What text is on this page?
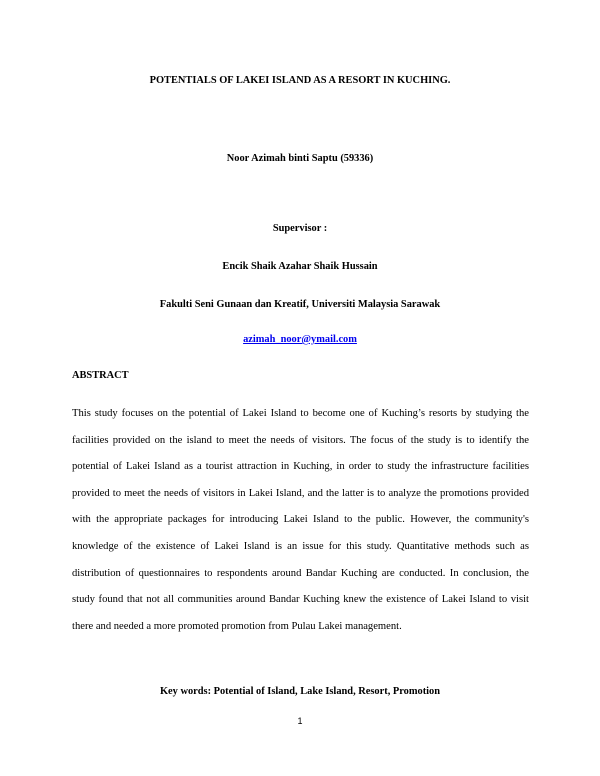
POTENTIALS OF LAKEI ISLAND AS A RESORT IN KUCHING.
Noor Azimah binti Saptu (59336)
Supervisor :
Encik Shaik Azahar Shaik Hussain
Fakulti Seni Gunaan dan Kreatif, Universiti Malaysia Sarawak
azimah_noor@ymail.com
ABSTRACT

This study focuses on the potential of Lakei Island to become one of Kuching’s resorts by studying the facilities provided on the island to meet the needs of visitors. The focus of the study is to identify the potential of Lakei Island as a tourist attraction in Kuching, in order to study the infrastructure facilities provided to meet the needs of visitors in Lakei Island, and the latter is to analyze the promotions provided with the appropriate packages for introducing Lakei Island to the public. However, the community's knowledge of the existence of Lakei Island is an issue for this study. Quantitative methods such as distribution of questionnaires to respondents around Bandar Kuching are conducted. In conclusion, the study found that not all communities around Bandar Kuching knew the existence of Lakei Island to visit there and needed a more promoted promotion from Pulau Lakei management.

Key words: Potential of Island, Lake Island, Resort, Promotion
1
